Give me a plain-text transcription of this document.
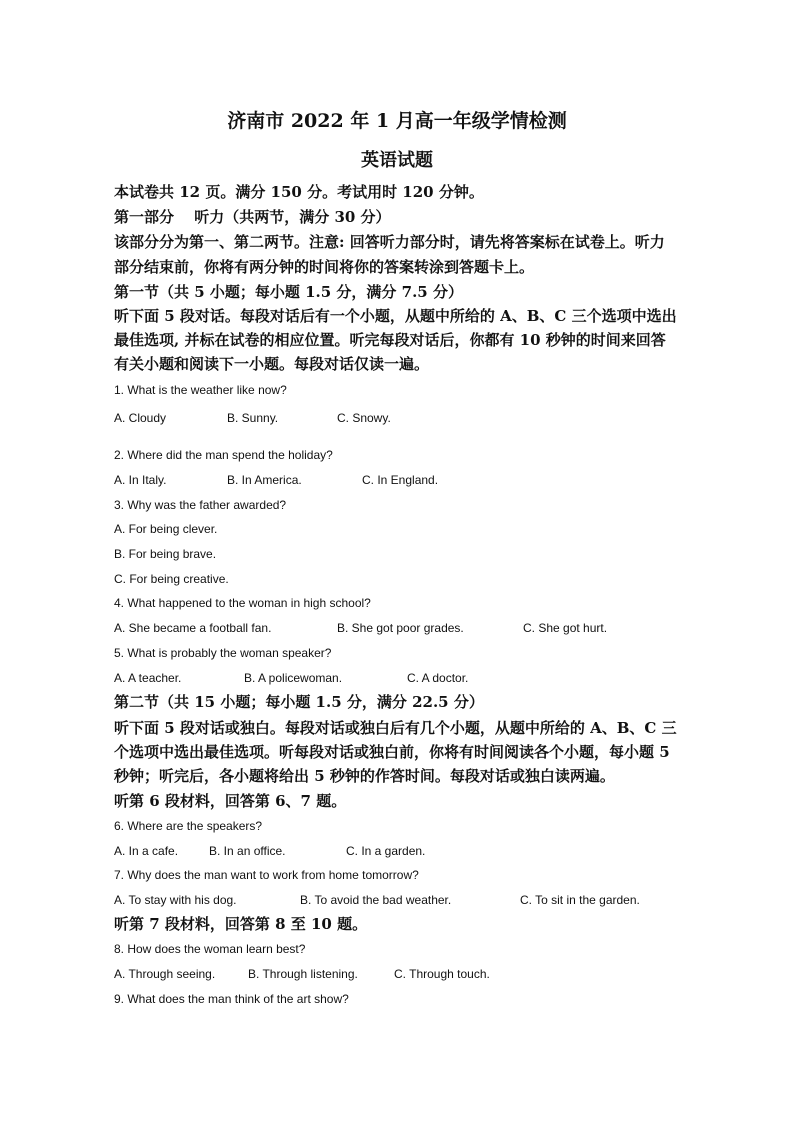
济南市 2022 年 1 月高一年级学情检测
英语试题
本试卷共 12 页。满分 150 分。考试用时 120 分钟。
第一部分　 听力（共两节，满分 30 分）
该部分分为第一、第二两节。注意: 回答听力部分时，请先将答案标在试卷上。听力
部分结束前，你将有两分钟的时间将你的答案转涂到答题卡上。
第一节（共 5 小题；每小题 1.5 分，满分 7.5 分）
听下面 5 段对话。每段对话后有一个小题，从题中所给的 A、B、C 三个选项中选出
最佳选项, 并标在试卷的相应位置。听完每段对话后，你都有 10 秒钟的时间来回答
有关小题和阅读下一小题。每段对话仅读一遍。
1. What is the weather like now?
A. Cloudy	B. Sunny.	C. Snowy.
2. Where did the man spend the holiday?
A. In Italy.	B. In America.	C. In England.
3. Why was the father awarded?
A. For being clever.
B. For being brave.
C. For being creative.
4. What happened to the woman in high school?
A. She became a football fan.	B. She got poor grades.	C. She got hurt.
5. What is probably the woman speaker?
A. A teacher.	B. A policewoman.	C. A doctor.
第二节（共 15 小题；每小题 1.5 分，满分 22.5 分）
听下面 5 段对话或独白。每段对话或独白后有几个小题，从题中所给的 A、B、C 三
个选项中选出最佳选项。听每段对话或独白前，你将有时间阅读各个小题，每小题 5
秒钟；听完后，各小题将给出 5 秒钟的作答时间。每段对话或独白读两遍。
听第 6 段材料，回答第 6、7 题。
6. Where are the speakers?
A. In a cafe.	B. In an office.	C. In a garden.
7. Why does the man want to work from home tomorrow?
A. To stay with his dog.	B. To avoid the bad weather.	C. To sit in the garden.
听第 7 段材料，回答第 8 至 10 题。
8. How does the woman learn best?
A. Through seeing.	B. Through listening.	C. Through touch.
9. What does the man think of the art show?
